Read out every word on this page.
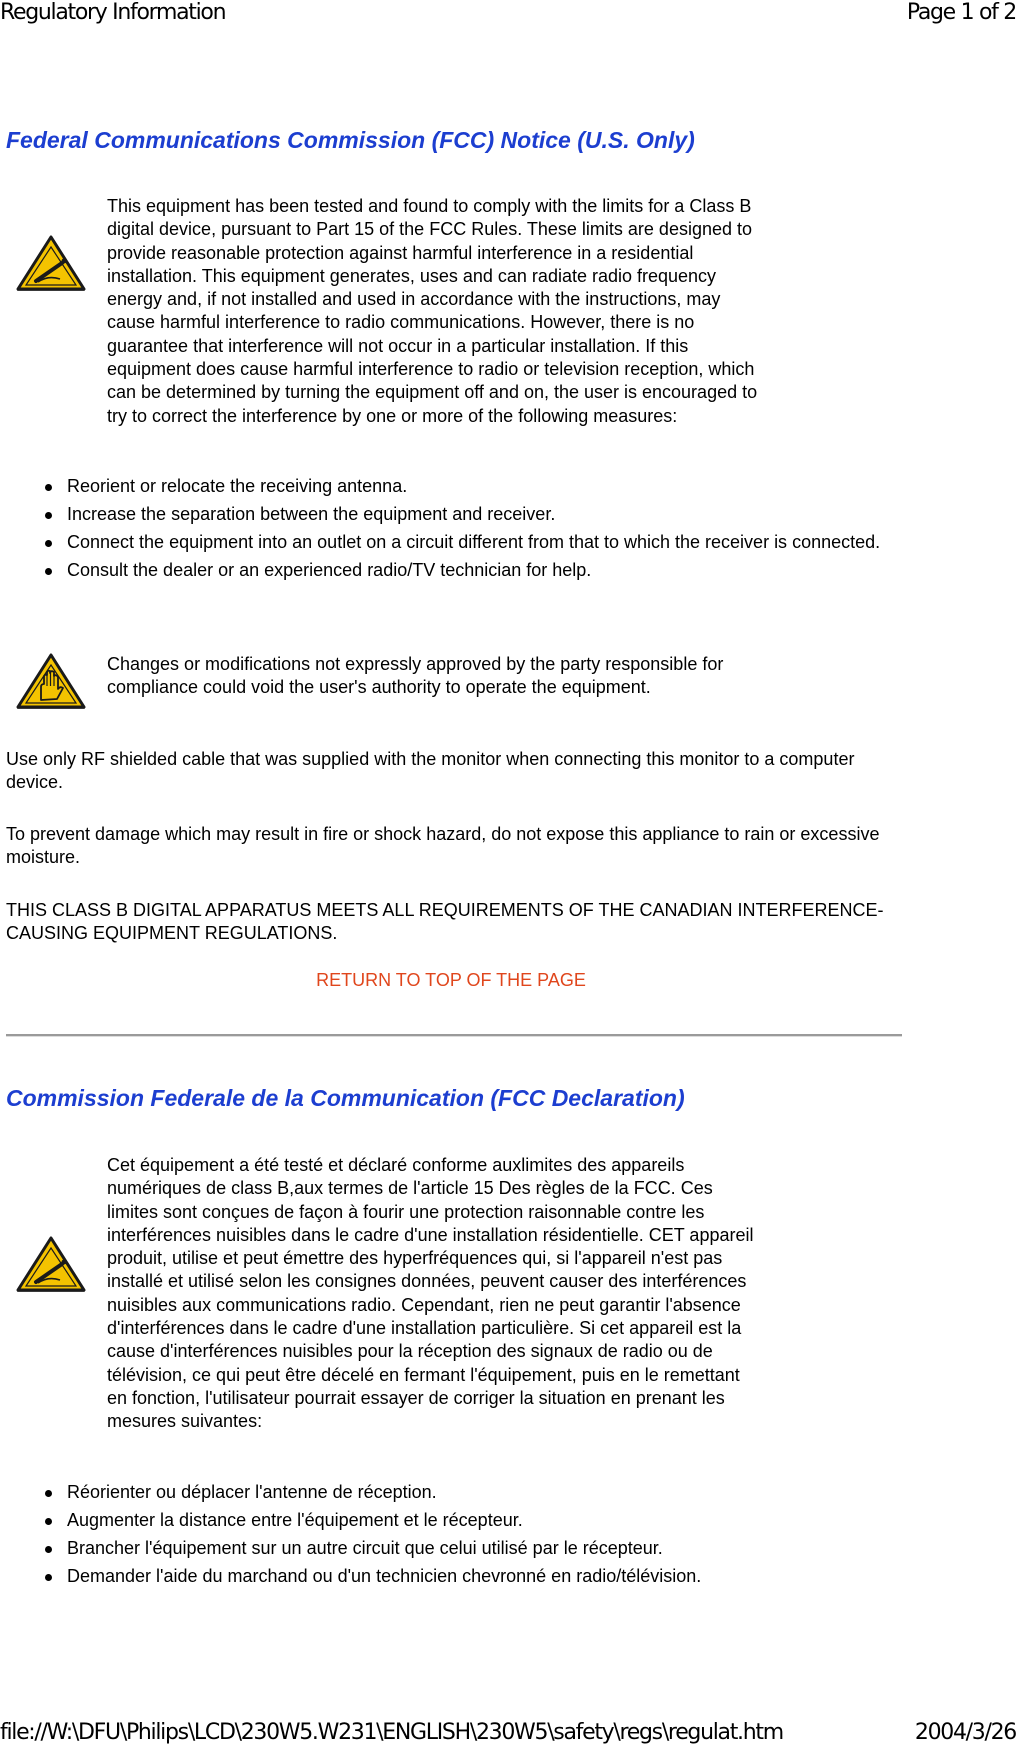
Regulatory Information	Page 1 of 2
Federal Communications Commission (FCC) Notice (U.S. Only)
This equipment has been tested and found to comply with the limits for a Class B
digital device, pursuant to Part 15 of the FCC Rules. These limits are designed to
provide reasonable protection against harmful interference in a residential
installation. This equipment generates, uses and can radiate radio frequency
energy and, if not installed and used in accordance with the instructions, may
cause harmful interference to radio communications. However, there is no
guarantee that interference will not occur in a particular installation. If this
equipment does cause harmful interference to radio or television reception, which
can be determined by turning the equipment off and on, the user is encouraged to
try to correct the interference by one or more of the following measures:
Reorient or relocate the receiving antenna.
Increase the separation between the equipment and receiver.
Connect the equipment into an outlet on a circuit different from that to which the receiver is connected.
Consult the dealer or an experienced radio/TV technician for help.
Changes or modifications not expressly approved by the party responsible for
compliance could void the user's authority to operate the equipment.

Use only RF shielded cable that was supplied with the monitor when connecting this monitor to a computer device.

To prevent damage which may result in fire or shock hazard, do not expose this appliance to rain or excessive moisture.

THIS CLASS B DIGITAL APPARATUS MEETS ALL REQUIREMENTS OF THE CANADIAN INTERFERENCE-CAUSING EQUIPMENT REGULATIONS.

RETURN TO TOP OF THE PAGE
Commission Federale de la Communication (FCC Declaration)
Cet équipement a été testé et déclaré conforme auxlimites des appareils
numériques de class B,aux termes de l'article 15 Des règles de la FCC. Ces
limites sont conçues de façon à fourir une protection raisonnable contre les
interférences nuisibles dans le cadre d'une installation résidentielle. CET appareil
produit, utilise et peut émettre des hyperfréquences qui, si l'appareil n'est pas
installé et utilisé selon les consignes données, peuvent causer des interférences
nuisibles aux communications radio. Cependant, rien ne peut garantir l'absence
d'interférences dans le cadre d'une installation particulière. Si cet appareil est la
cause d'interférences nuisibles pour la réception des signaux de radio ou de
télévision, ce qui peut être décelé en fermant l'équipement, puis en le remettant
en fonction, l'utilisateur pourrait essayer de corriger la situation en prenant les
mesures suivantes:
Réorienter ou déplacer l'antenne de réception.
Augmenter la distance entre l'équipement et le récepteur.
Brancher l'équipement sur un autre circuit que celui utilisé par le récepteur.
Demander l'aide du marchand ou d'un technicien chevronné en radio/télévision.
file://W:\DFU\Philips\LCD\230W5.W231\ENGLISH\230W5\safety\regs\regulat.htm	2004/3/26
